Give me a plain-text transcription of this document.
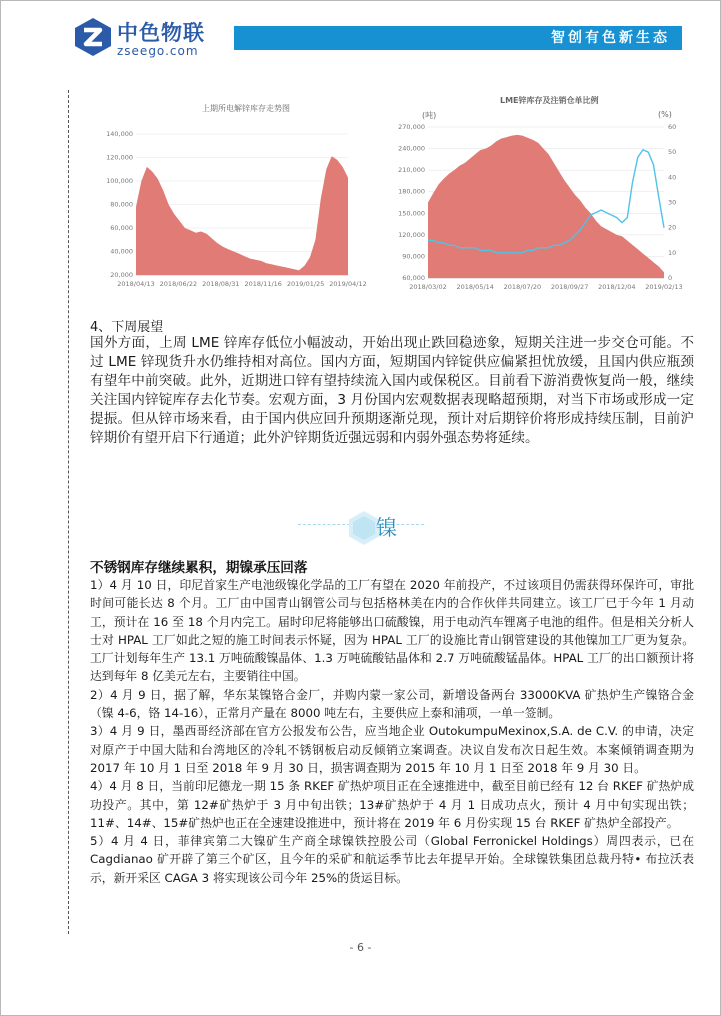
中色物联
zseego.com
智创有色新生态
上期所电解锌库存走势图
20,000
40,000
60,000
80,000
100,000
120,000
140,000
2018/04/13 2018/06/22 2018/08/31 2018/11/16 2019/01/25 2019/04/12
LME锌库存及注销仓单比例
(吨)	(%)
60,000
90,000
120,000
150,000
180,000
210,000
240,000
270,000
2018/03/02 2018/05/14 2018/07/20 2018/09/27 2018/12/04 2019/02/13
0
10
20
30
40
50
60
4、下周展望

国外方面，上周 LME 锌库存低位小幅波动，开始出现止跌回稳迹象，短期关注进一步交仓可能。不过 LME 锌现货升水仍维持相对高位。国内方面，短期国内锌锭供应偏紧担忧放缓，且国内供应瓶颈有望年中前突破。此外，近期进口锌有望持续流入国内或保税区。目前看下游消费恢复尚一般，继续关注国内锌锭库存去化节奏。宏观方面，3 月份国内宏观数据表现略超预期，对当下市场或形成一定提振。但从锌市场来看，由于国内供应回升预期逐渐兑现，预计对后期锌价将形成持续压制，目前沪锌期价有望开启下行通道；此外沪锌期货近强远弱和内弱外强态势将延续。

镍
不锈钢库存继续累积，期镍承压回落

1）4 月 10 日，印尼首家生产电池级镍化学品的工厂有望在 2020 年前投产，不过该项目仍需获得环保许可，审批时间可能长达 8 个月。工厂由中国青山钢管公司与包括格林美在内的合作伙伴共同建立。该工厂已于今年 1 月动工，预计在 16 至 18 个月内完工。届时印尼将能够出口硫酸镍，用于电动汽车锂离子电池的组件。但是相关分析人士对 HPAL 工厂如此之短的施工时间表示怀疑，因为 HPAL 工厂的设施比青山钢管建设的其他镍加工厂更为复杂。工厂计划每年生产 13.1 万吨硫酸镍晶体、1.3 万吨硫酸钴晶体和 2.7 万吨硫酸锰晶体。HPAL 工厂的出口额预计将达到每年 8 亿美元左右，主要销往中国。

2）4 月 9 日，据了解，华东某镍铬合金厂，并购内蒙一家公司，新增设备两台 33000KVA 矿热炉生产镍铬合金（镍 4-6，铬 14-16），正常月产量在 8000 吨左右，主要供应上泰和浦项，一单一签制。

3）4 月 9 日，墨西哥经济部在官方公报发布公告，应当地企业 OutokumpuMexinox,S.A. de C.V. 的申请，决定对原产于中国大陆和台湾地区的冷轧不锈钢板启动反倾销立案调查。决议自发布次日起生效。本案倾销调查期为 2017 年 10 月 1 日至 2018 年 9 月 30 日，损害调查期为 2015 年 10 月 1 日至 2018 年 9 月 30 日。

4）4 月 8 日，当前印尼德龙一期 15 条 RKEF 矿热炉项目正在全速推进中，截至目前已经有 12 台 RKEF 矿热炉成功投产。其中，第 12#矿热炉于 3 月中旬出铁；13#矿热炉于 4 月 1 日成功点火，预计 4 月中旬实现出铁；11#、14#、15#矿热炉也正在全速建设推进中，预计将在 2019 年 6 月份实现 15 台 RKEF 矿热炉全部投产。

5）4 月 4 日，菲律宾第二大镍矿生产商全球镍铁控股公司（Global Ferronickel Holdings）周四表示，已在 Cagdianao 矿开辟了第三个矿区，且今年的采矿和航运季节比去年提早开始。全球镍铁集团总裁丹特• 布拉沃表示，新开采区 CAGA 3 将实现该公司今年 25%的货运目标。

- 6 -
